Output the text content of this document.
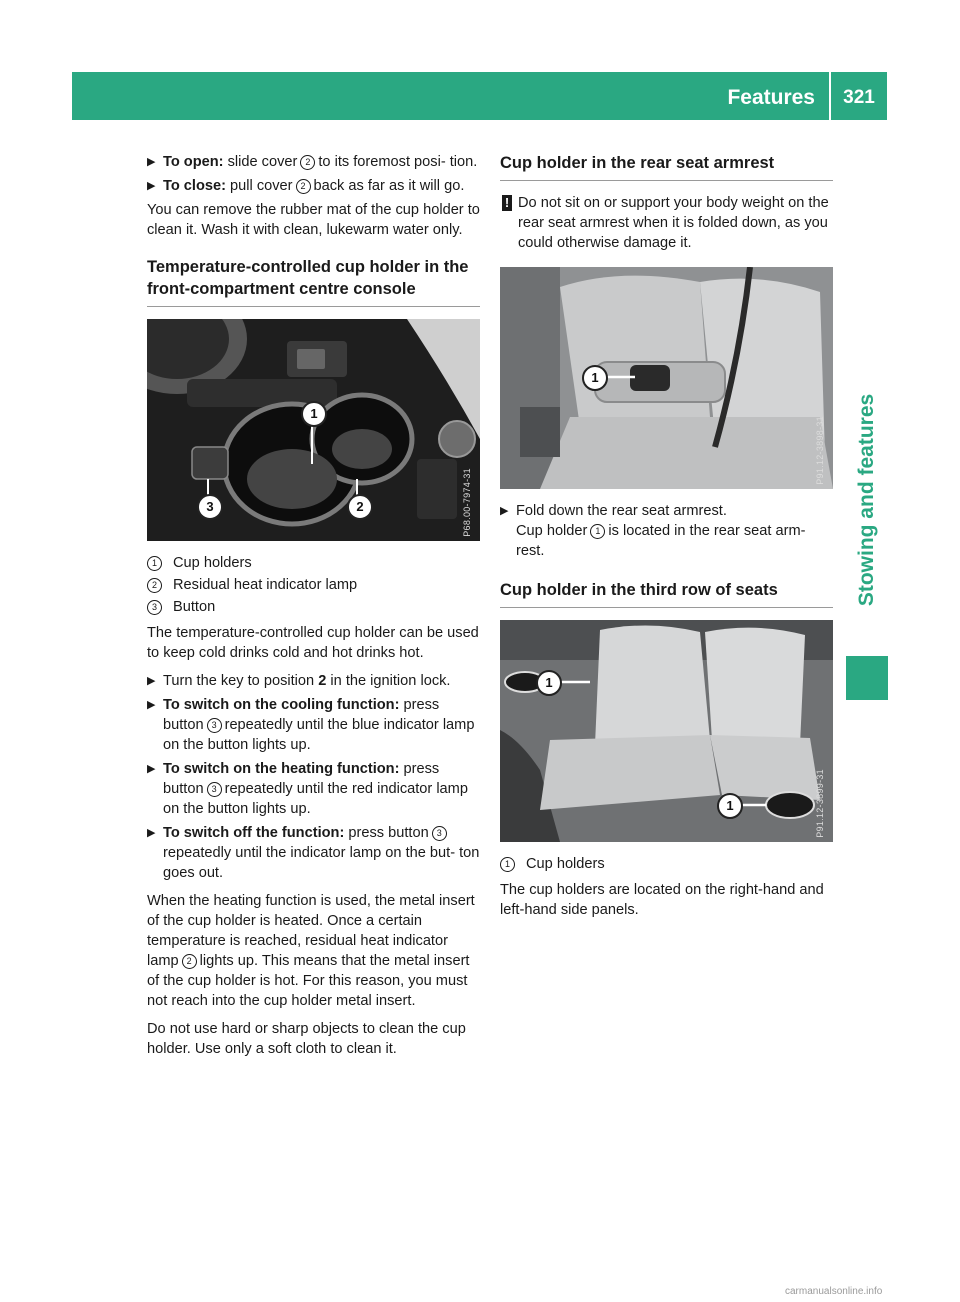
Features	321
Stowing and features
▶ To open: slide cover 2 to its foremost posi- tion.
▶ To close: pull cover 2 back as far as it will go.

You can remove the rubber mat of the cup holder to clean it. Wash it with clean, lukewarm water only.

Temperature-controlled cup holder in the front-compartment centre console
1
2
3	P68.00-7974-31
1	Cup holders
2	Residual heat indicator lamp
3	Button

The temperature-controlled cup holder can be used to keep cold drinks cold and hot drinks hot.

▶ Turn the key to position 2 in the ignition lock.
▶ To switch on the cooling function: press button 3 repeatedly until the blue indicator lamp on the button lights up.
▶ To switch on the heating function: press button 3 repeatedly until the red indicator lamp on the button lights up.
▶ To switch off the function: press button 3repeatedly until the indicator lamp on the but- ton goes out.

When the heating function is used, the metal insert of the cup holder is heated. Once a certain temperature is reached, residual heat indicator lamp 2 lights up. This means that the metal insert of the cup holder is hot. For this reason, you must not reach into the cup holder metal insert.

Do not use hard or sharp objects to clean the cup holder. Use only a soft cloth to clean it.

Cup holder in the rear seat armrest
! Do not sit on or support your body weight on the rear seat armrest when it is folded down, as you could otherwise damage it.
1
P91.12-3898-31
▶ Fold down the rear seat armrest.
Cup holder 1 is located in the rear seat arm- rest.
Cup holder in the third row of seats
1
1	P91.12-3899-31
1	Cup holders

The cup holders are located on the right-hand and left-hand side panels.

carmanualsonline.info
